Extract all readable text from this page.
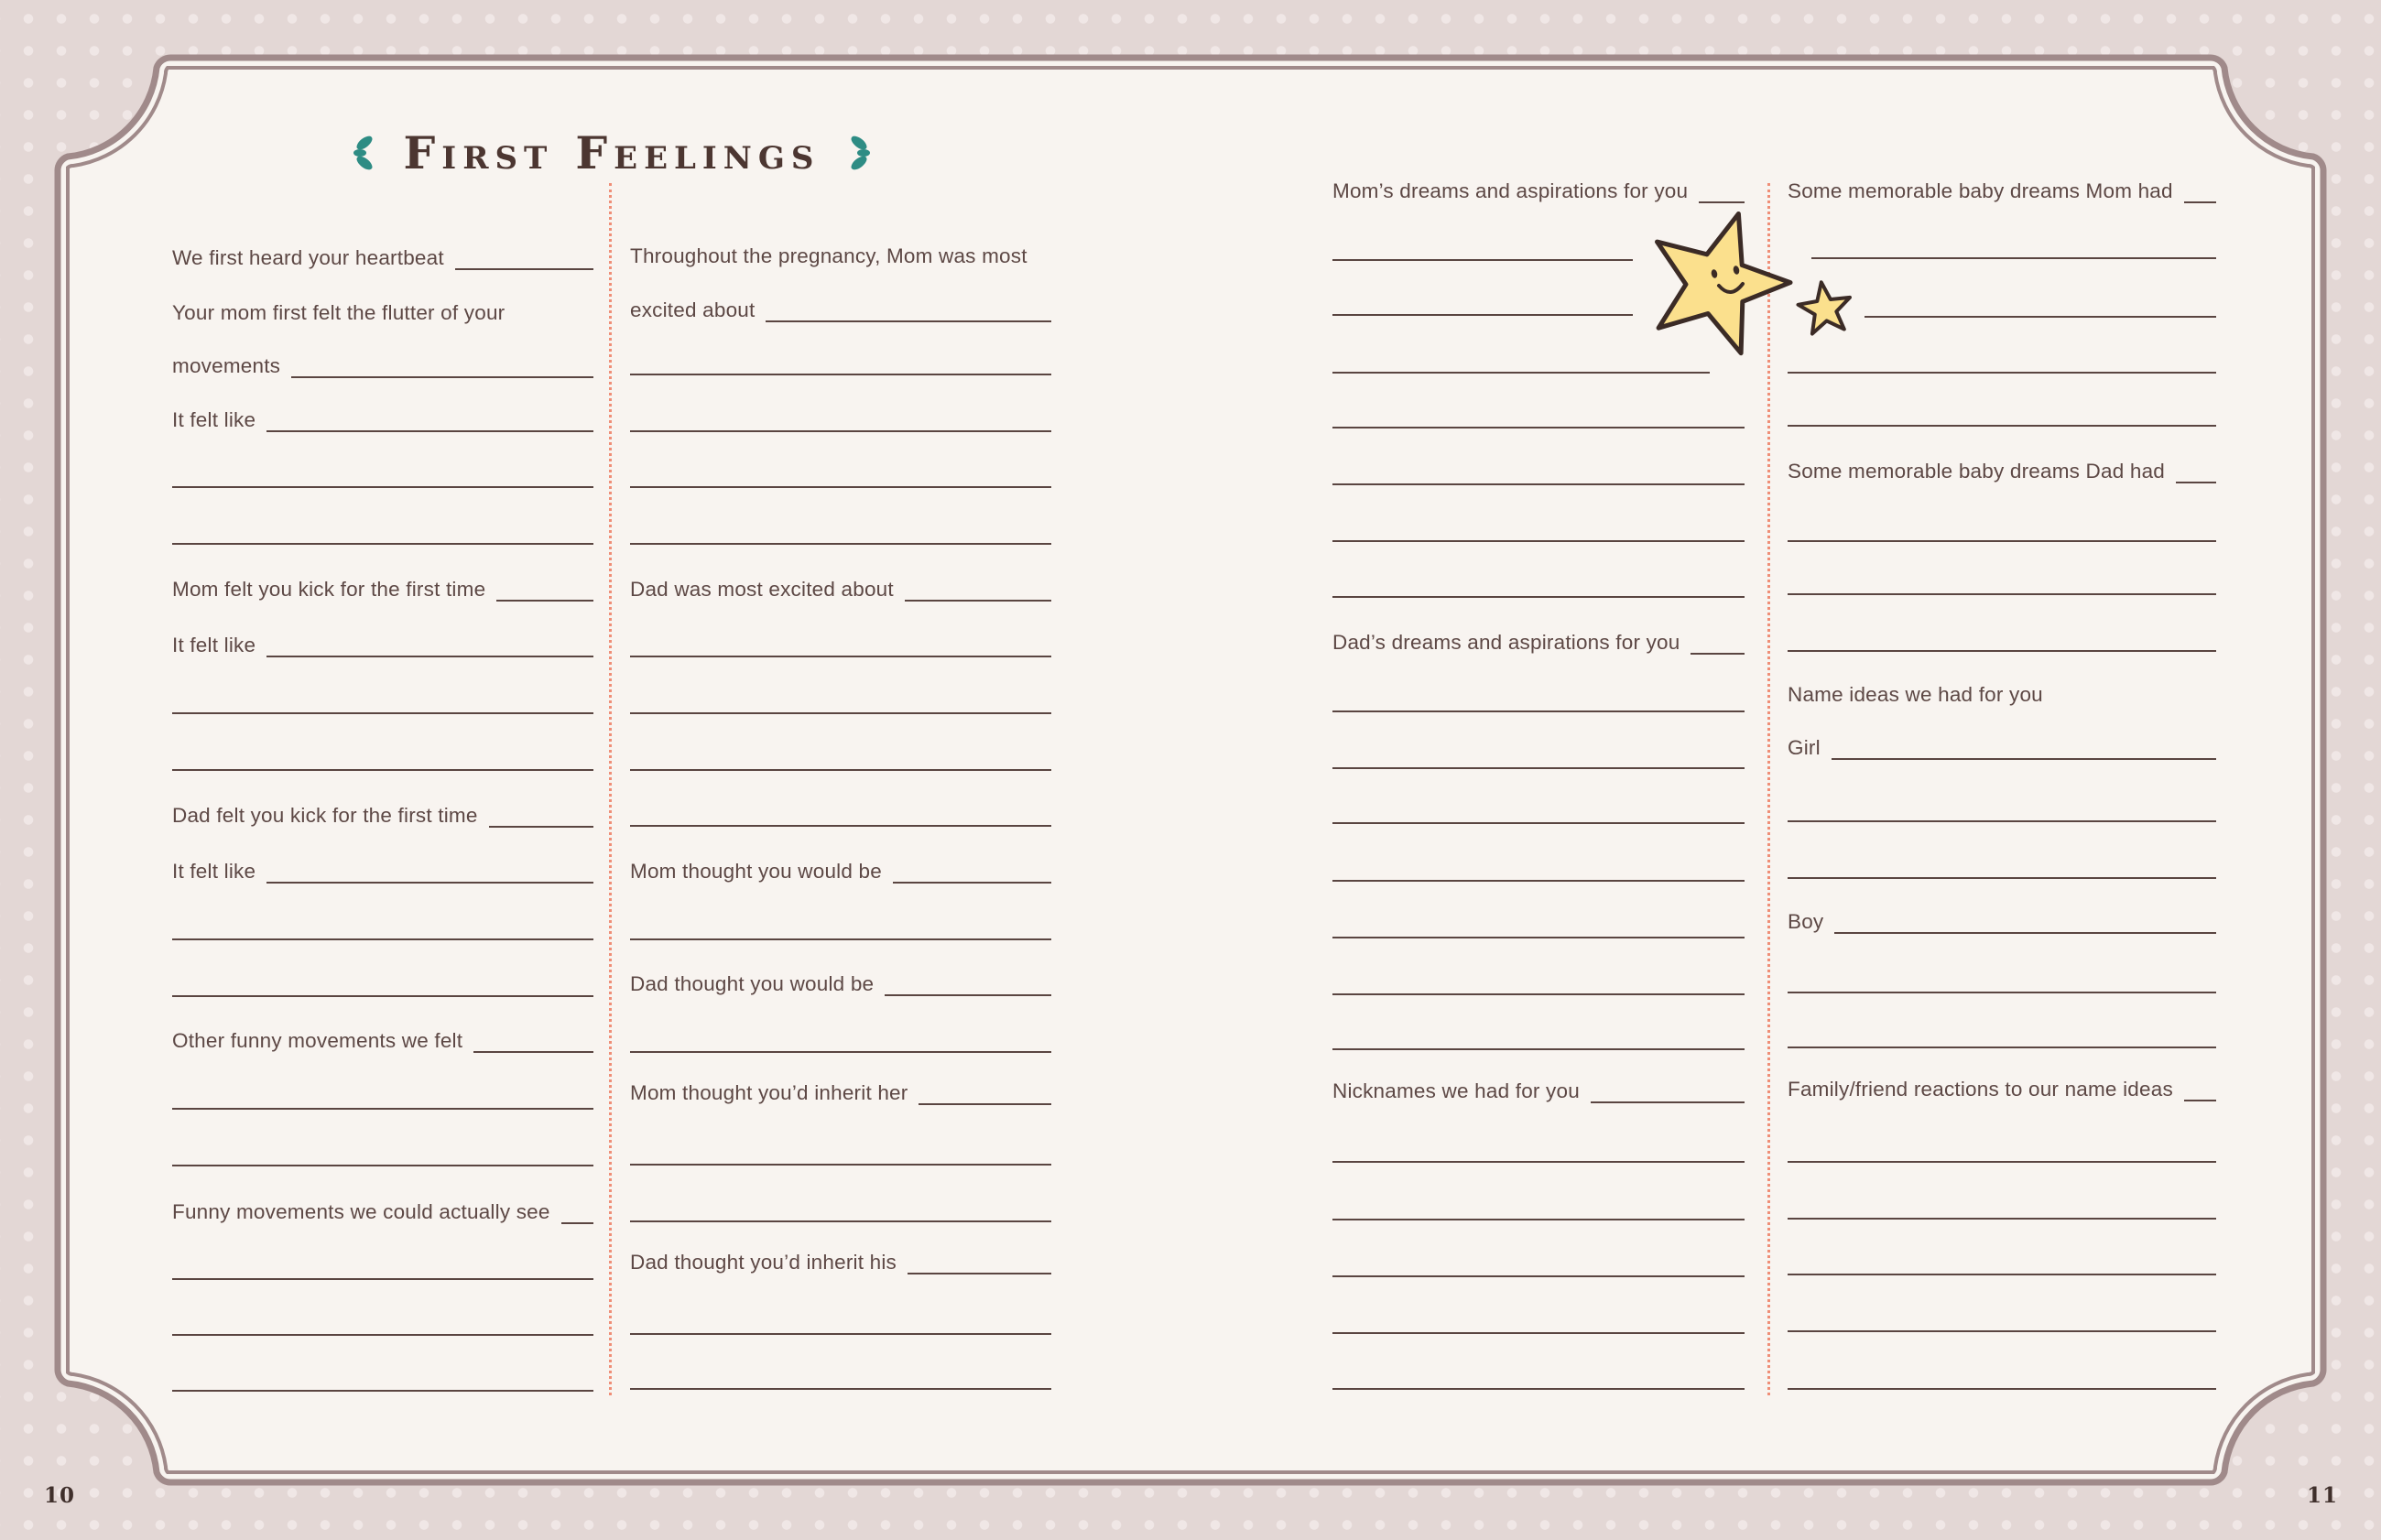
First Feelings
We first heard your heartbeat
Your mom first felt the flutter of your
movements
It felt like
Mom felt you kick for the first time
It felt like
Dad felt you kick for the first time
It felt like
Other funny movements we felt
Funny movements we could actually see
Throughout the pregnancy, Mom was most
excited about
Dad was most excited about
Mom thought you would be
Dad thought you would be
Mom thought you’d inherit her
Dad thought you’d inherit his
Mom’s dreams and aspirations for you
Dad’s dreams and aspirations for you
Nicknames we had for you
Some memorable baby dreams Mom had
Some memorable baby dreams Dad had
Name ideas we had for you
Girl
Boy
Family/friend reactions to our name ideas
10	11
